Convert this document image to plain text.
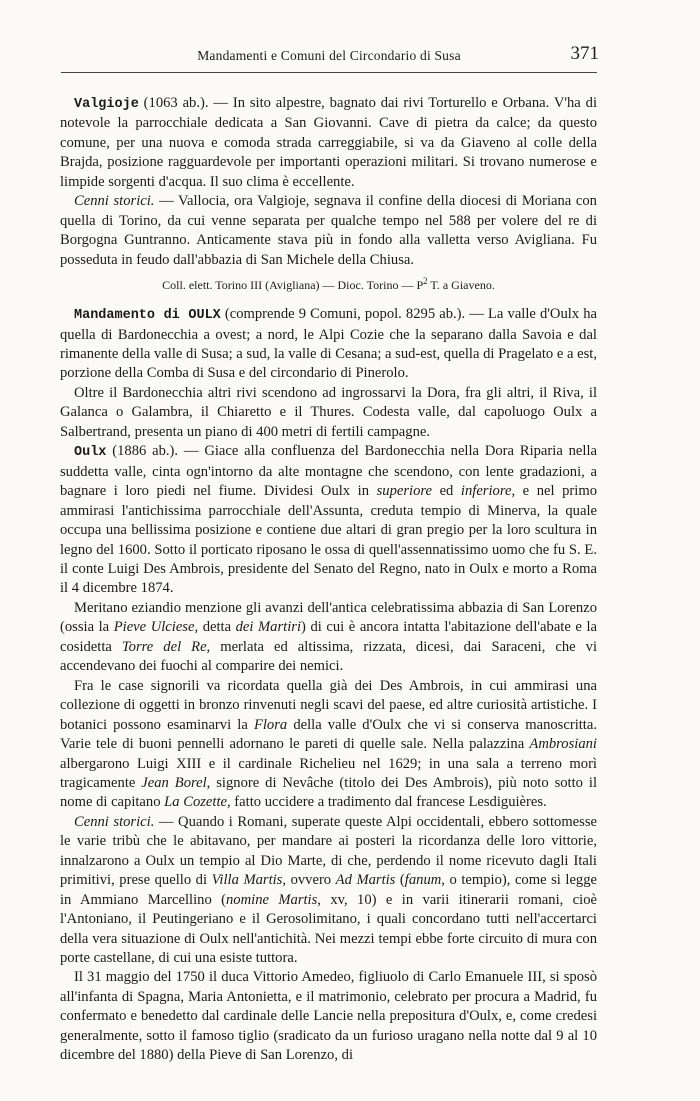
Mandamenti e Comuni del Circondario di Susa	371

Valgioje (1063 ab.). — In sito alpestre, bagnato dai rivi Torturello e Orbana. V'ha di notevole la parrocchiale dedicata a San Giovanni. Cave di pietra da calce; da questo comune, per una nuova e comoda strada carreggiabile, si va da Giaveno al colle della Brajda, posizione ragguardevole per importanti operazioni militari. Si trovano numerose e limpide sorgenti d'acqua. Il suo clima è eccellente.

Cenni storici. — Vallocia, ora Valgioje, segnava il confine della diocesi di Moriana con quella di Torino, da cui venne separata per qualche tempo nel 588 per volere del re di Borgogna Guntranno. Anticamente stava più in fondo alla valletta verso Avigliana. Fu posseduta in feudo dall'abbazia di San Michele della Chiusa.

Coll. elett. Torino III (Avigliana) — Dioc. Torino — $P^2$ T. a Giaveno.

Mandamento di OULX (comprende 9 Comuni, popol. 8295 ab.). — La valle d'Oulx ha quella di Bardonecchia a ovest; a nord, le Alpi Cozie che la separano dalla Savoia e dal rimanente della valle di Susa; a sud, la valle di Cesana; a sud-est, quella di Pragelato e a est, porzione della Comba di Susa e del circondario di Pinerolo.

Oltre il Bardonecchia altri rivi scendono ad ingrossarvi la Dora, fra gli altri, il Riva, il Galanca o Galambra, il Chiaretto e il Thures. Codesta valle, dal capoluogo Oulx a Salbertrand, presenta un piano di 400 metri di fertili campagne.

Oulx (1886 ab.). — Giace alla confluenza del Bardonecchia nella Dora Riparia nella suddetta valle, cinta ogn'intorno da alte montagne che scendono, con lente gradazioni, a bagnare i loro piedi nel fiume. Dividesi Oulx in superiore ed inferiore, e nel primo ammirasi l'antichissima parrocchiale dell'Assunta, creduta tempio di Minerva, la quale occupa una bellissima posizione e contiene due altari di gran pregio per la loro scultura in legno del 1600. Sotto il porticato riposano le ossa di quell'assennatissimo uomo che fu S. E. il conte Luigi Des Ambrois, presidente del Senato del Regno, nato in Oulx e morto a Roma il 4 dicembre 1874.

Meritano eziandio menzione gli avanzi dell'antica celebratissima abbazia di San Lorenzo (ossia la Pieve Ulciese, detta dei Martiri) di cui è ancora intatta l'abitazione dell'abate e la cosidetta Torre del Re, merlata ed altissima, rizzata, dicesi, dai Saraceni, che vi accendevano dei fuochi al comparire dei nemici.

Fra le case signorili va ricordata quella già dei Des Ambrois, in cui ammirasi una collezione di oggetti in bronzo rinvenuti negli scavi del paese, ed altre curiosità artistiche. I botanici possono esaminarvi la Flora della valle d'Oulx che vi si conserva manoscritta. Varie tele di buoni pennelli adornano le pareti di quelle sale. Nella palazzina Ambrosiani albergarono Luigi XIII e il cardinale Richelieu nel 1629; in una sala a terreno morì tragicamente Jean Borel, signore di Nevâche (titolo dei Des Ambrois), più noto sotto il nome di capitano La Cozette, fatto uccidere a tradimento dal francese Lesdiguières.

Cenni storici. — Quando i Romani, superate queste Alpi occidentali, ebbero sottomesse le varie tribù che le abitavano, per mandare ai posteri la ricordanza delle loro vittorie, innalzarono a Oulx un tempio al Dio Marte, di che, perdendo il nome ricevuto dagli Itali primitivi, prese quello di Villa Martis, ovvero Ad Martis (fanum, o tempio), come si legge in Ammiano Marcellino (nomine Martis, xv, 10) e in varii itinerarii romani, cioè l'Antoniano, il Peutingeriano e il Gerosolimitano, i quali concordano tutti nell'accertarci della vera situazione di Oulx nell'antichità. Nei mezzi tempi ebbe forte circuito di mura con porte castellane, di cui una esiste tuttora.

Il 31 maggio del 1750 il duca Vittorio Amedeo, figliuolo di Carlo Emanuele III, si sposò all'infanta di Spagna, Maria Antonietta, e il matrimonio, celebrato per procura a Madrid, fu confermato e benedetto dal cardinale delle Lancie nella prepositura d'Oulx, e, come credesi generalmente, sotto il famoso tiglio (sradicato da un furioso uragano nella notte dal 9 al 10 dicembre del 1880) della Pieve di San Lorenzo, di
